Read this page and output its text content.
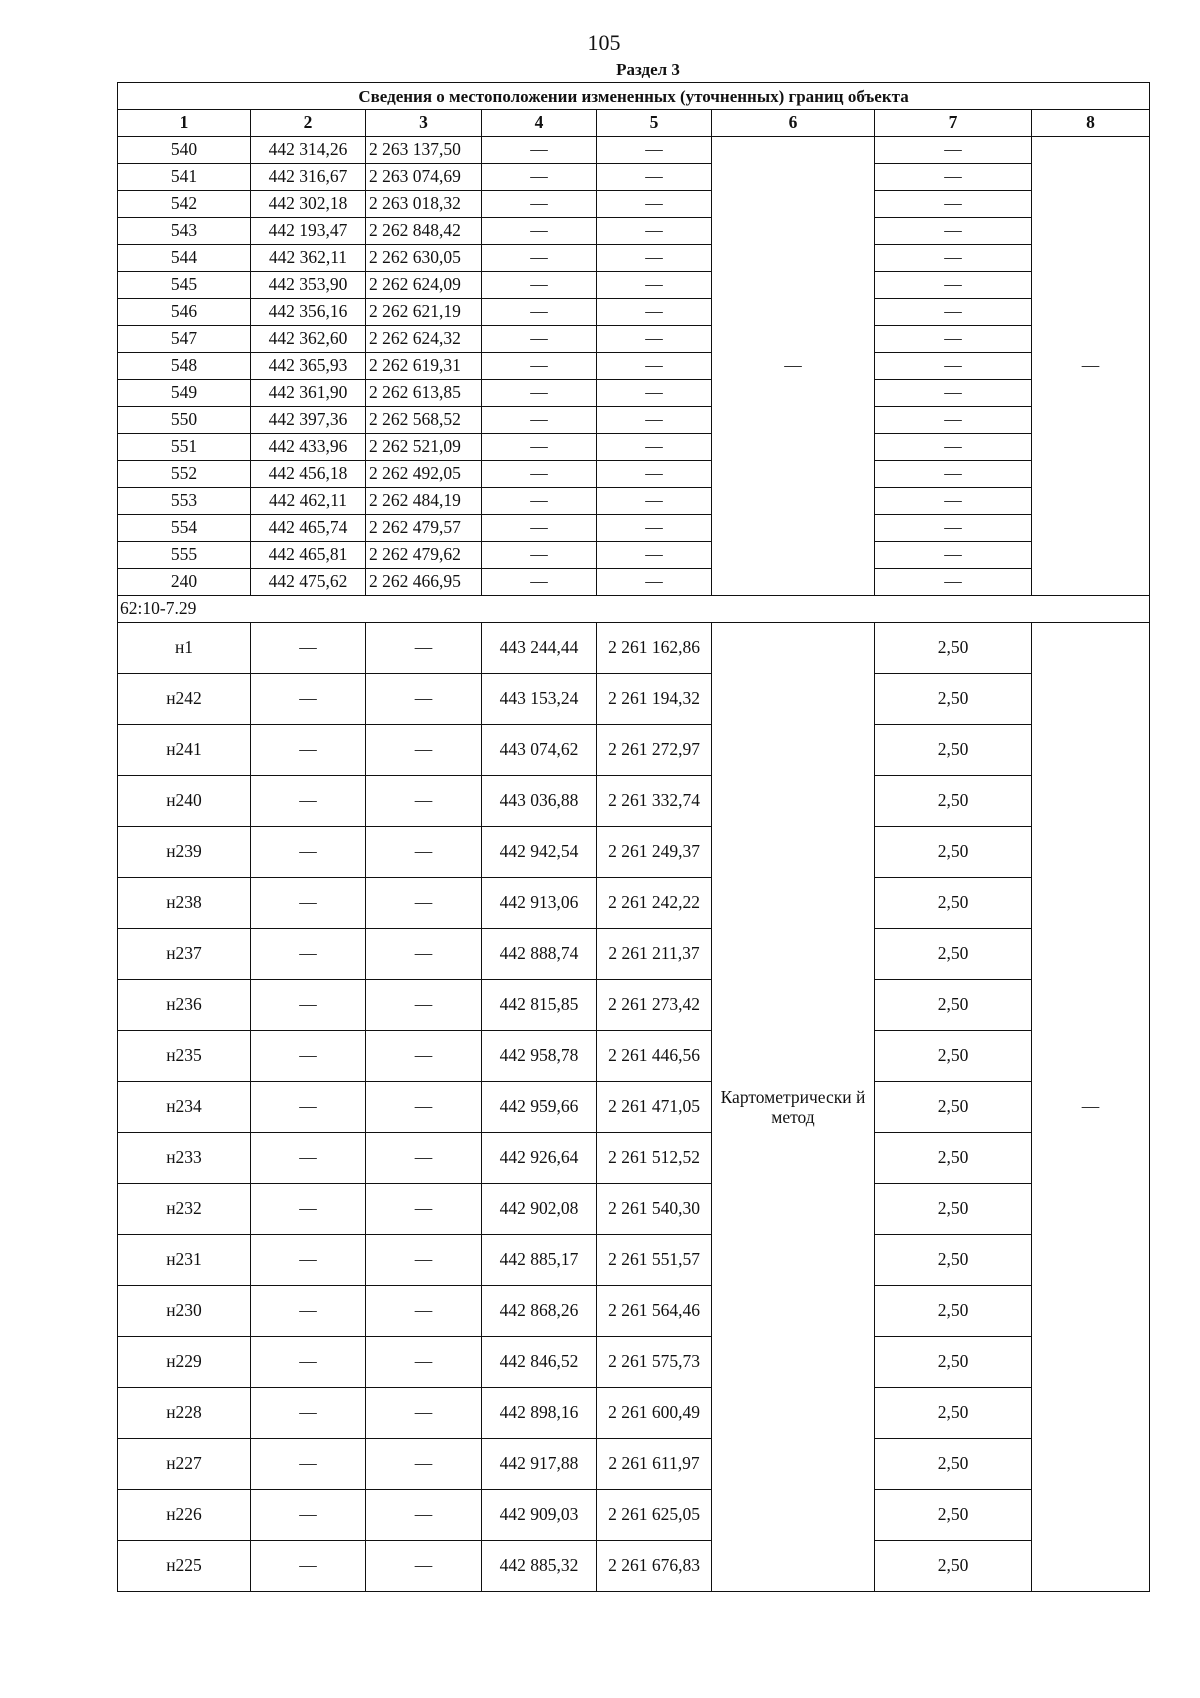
105
Раздел 3
Сведения о местоположении измененных (уточненных) границ объекта							
1	2	3	4	5	6	7	8
540	442 314,26	2 263 137,50	—	—	—	—	—
541	442 316,67	2 263 074,69	—	—		—	
542	442 302,18	2 263 018,32	—	—		—	
543	442 193,47	2 262 848,42	—	—		—	
544	442 362,11	2 262 630,05	—	—		—	
545	442 353,90	2 262 624,09	—	—		—	
546	442 356,16	2 262 621,19	—	—		—	
547	442 362,60	2 262 624,32	—	—		—	
548	442 365,93	2 262 619,31	—	—		—	
549	442 361,90	2 262 613,85	—	—		—	
550	442 397,36	2 262 568,52	—	—		—	
551	442 433,96	2 262 521,09	—	—		—	
552	442 456,18	2 262 492,05	—	—		—	
553	442 462,11	2 262 484,19	—	—		—	
554	442 465,74	2 262 479,57	—	—		—	
555	442 465,81	2 262 479,62	—	—		—	
240	442 475,62	2 262 466,95	—	—		—	
62:10-7.29							
н1	—	—	443 244,44	2 261 162,86	Картометрически й метод	2,50	—
н242	—	—	443 153,24	2 261 194,32		2,50	
н241	—	—	443 074,62	2 261 272,97		2,50	
н240	—	—	443 036,88	2 261 332,74		2,50	
н239	—	—	442 942,54	2 261 249,37		2,50	
н238	—	—	442 913,06	2 261 242,22		2,50	
н237	—	—	442 888,74	2 261 211,37		2,50	
н236	—	—	442 815,85	2 261 273,42		2,50	
н235	—	—	442 958,78	2 261 446,56		2,50	
н234	—	—	442 959,66	2 261 471,05		2,50	
н233	—	—	442 926,64	2 261 512,52		2,50	
н232	—	—	442 902,08	2 261 540,30		2,50	
н231	—	—	442 885,17	2 261 551,57		2,50	
н230	—	—	442 868,26	2 261 564,46		2,50	
н229	—	—	442 846,52	2 261 575,73		2,50	
н228	—	—	442 898,16	2 261 600,49		2,50	
н227	—	—	442 917,88	2 261 611,97		2,50	
н226	—	—	442 909,03	2 261 625,05		2,50	
н225	—	—	442 885,32	2 261 676,83		2,50	
